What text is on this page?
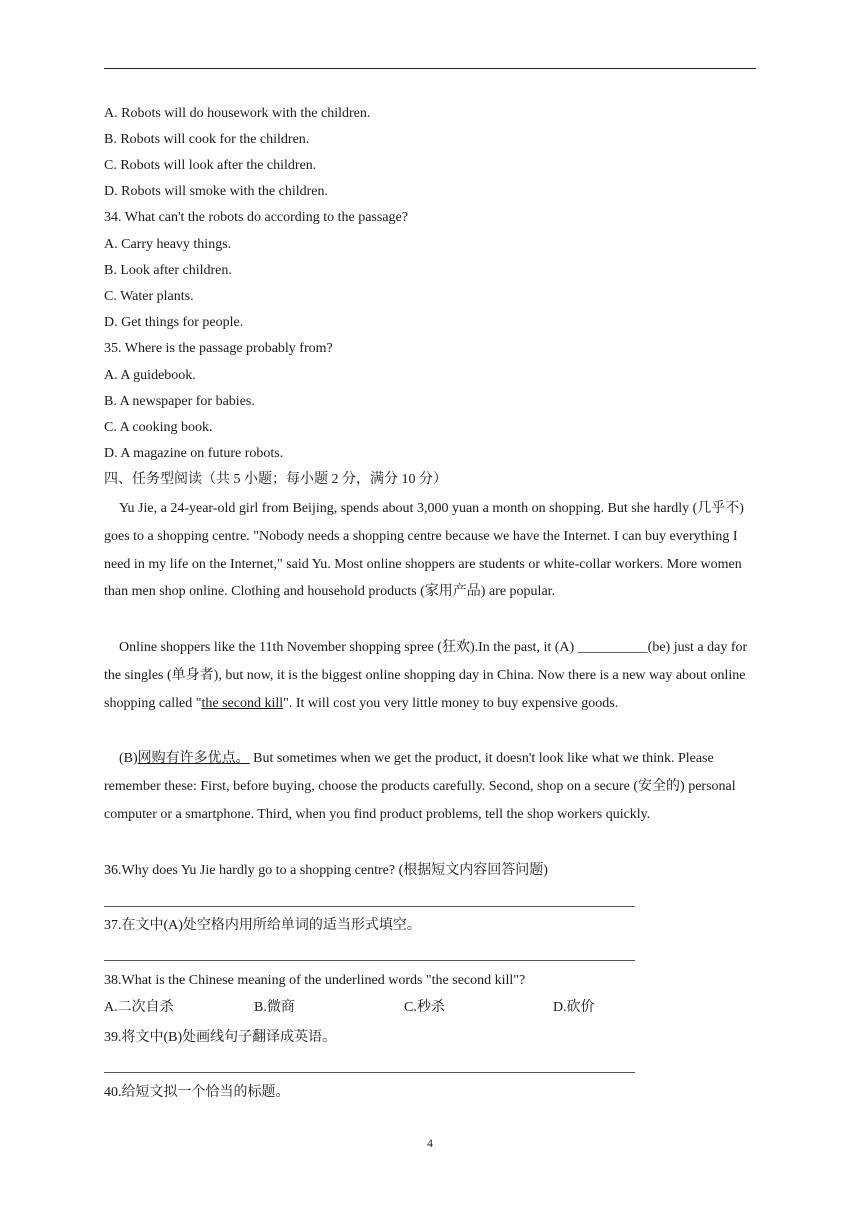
A. Robots will do housework with the children.
B. Robots will cook for the children.
C. Robots will look after the children.
D. Robots will smoke with the children.
34. What can't the robots do according to the passage?
A. Carry heavy things.
B. Look after children.
C. Water plants.
D. Get things for people.
35. Where is the passage probably from?
A. A guidebook.
B. A newspaper for babies.
C. A cooking book.
D. A magazine on future robots.
四、任务型阅读（共 5 小题；每小题 2 分，满分 10 分）
Yu Jie, a 24-year-old girl from Beijing, spends about 3,000 yuan a month on shopping. But she hardly (几乎不) goes to a shopping centre. "Nobody needs a shopping centre because we have the Internet. I can buy everything I need in my life on the Internet," said Yu. Most online shoppers are students or white-collar workers. More women than men shop online. Clothing and household products (家用产品) are popular.
Online shoppers like the 11th November shopping spree (狂欢).In the past, it (A) __________(be) just a day for the singles (单身者), but now, it is the biggest online shopping day in China. Now there is a new way about online shopping called "the second kill". It will cost you very little money to buy expensive goods.
(B)网购有许多优点。 But sometimes when we get the product, it doesn't look like what we think. Please remember these: First, before buying, choose the products carefully. Second, shop on a secure (安全的) personal computer or a smartphone. Third, when you find product problems, tell the shop workers quickly.
36.Why does Yu Jie hardly go to a shopping centre? (根据短文内容回答问题)
37.在文中(A)处空格内用所给单词的适当形式填空。
38.What is the Chinese meaning of the underlined words "the second kill"?
A.二次自杀	B.微商	C.秒杀	D.砍价
39.将文中(B)处画线句子翻译成英语。
40.给短文拟一个恰当的标题。
4
